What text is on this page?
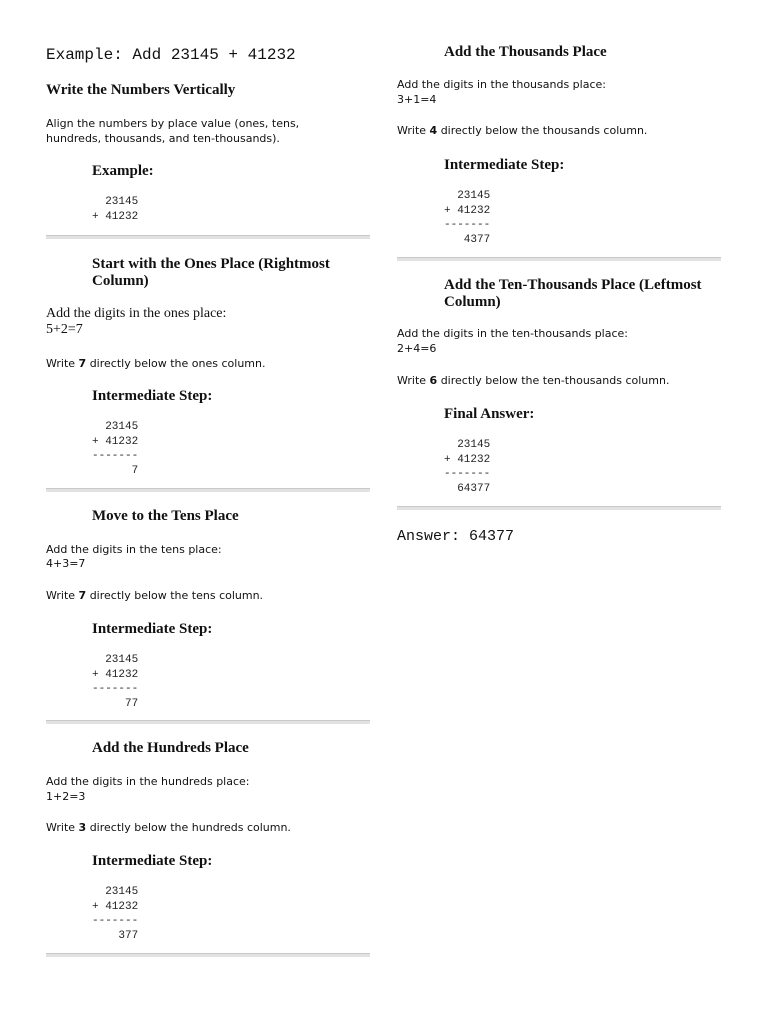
Example: Add 23145 + 41232
Write the Numbers Vertically
Align the numbers by place value (ones, tens, hundreds, thousands, and ten-thousands).
Example:
23145
+ 41232
Start with the Ones Place (Rightmost Column)
Add the digits in the ones place:
5+2=7
Write 7 directly below the ones column.
Intermediate Step:
23145
+ 41232
-------
7
Move to the Tens Place
Add the digits in the tens place:
4+3=7
Write 7 directly below the tens column.
Intermediate Step:
23145
+ 41232
-------
77
Add the Hundreds Place
Add the digits in the hundreds place:
1+2=3
Write 3 directly below the hundreds column.
Intermediate Step:
23145
+ 41232
-------
377
Add the Thousands Place
Add the digits in the thousands place:
3+1=4
Write 4 directly below the thousands column.
Intermediate Step:
23145
+ 41232
-------
4377
Add the Ten-Thousands Place (Leftmost Column)
Add the digits in the ten-thousands place:
2+4=6
Write 6 directly below the ten-thousands column.
Final Answer:
23145
+ 41232
-------
64377
Answer: 64377
